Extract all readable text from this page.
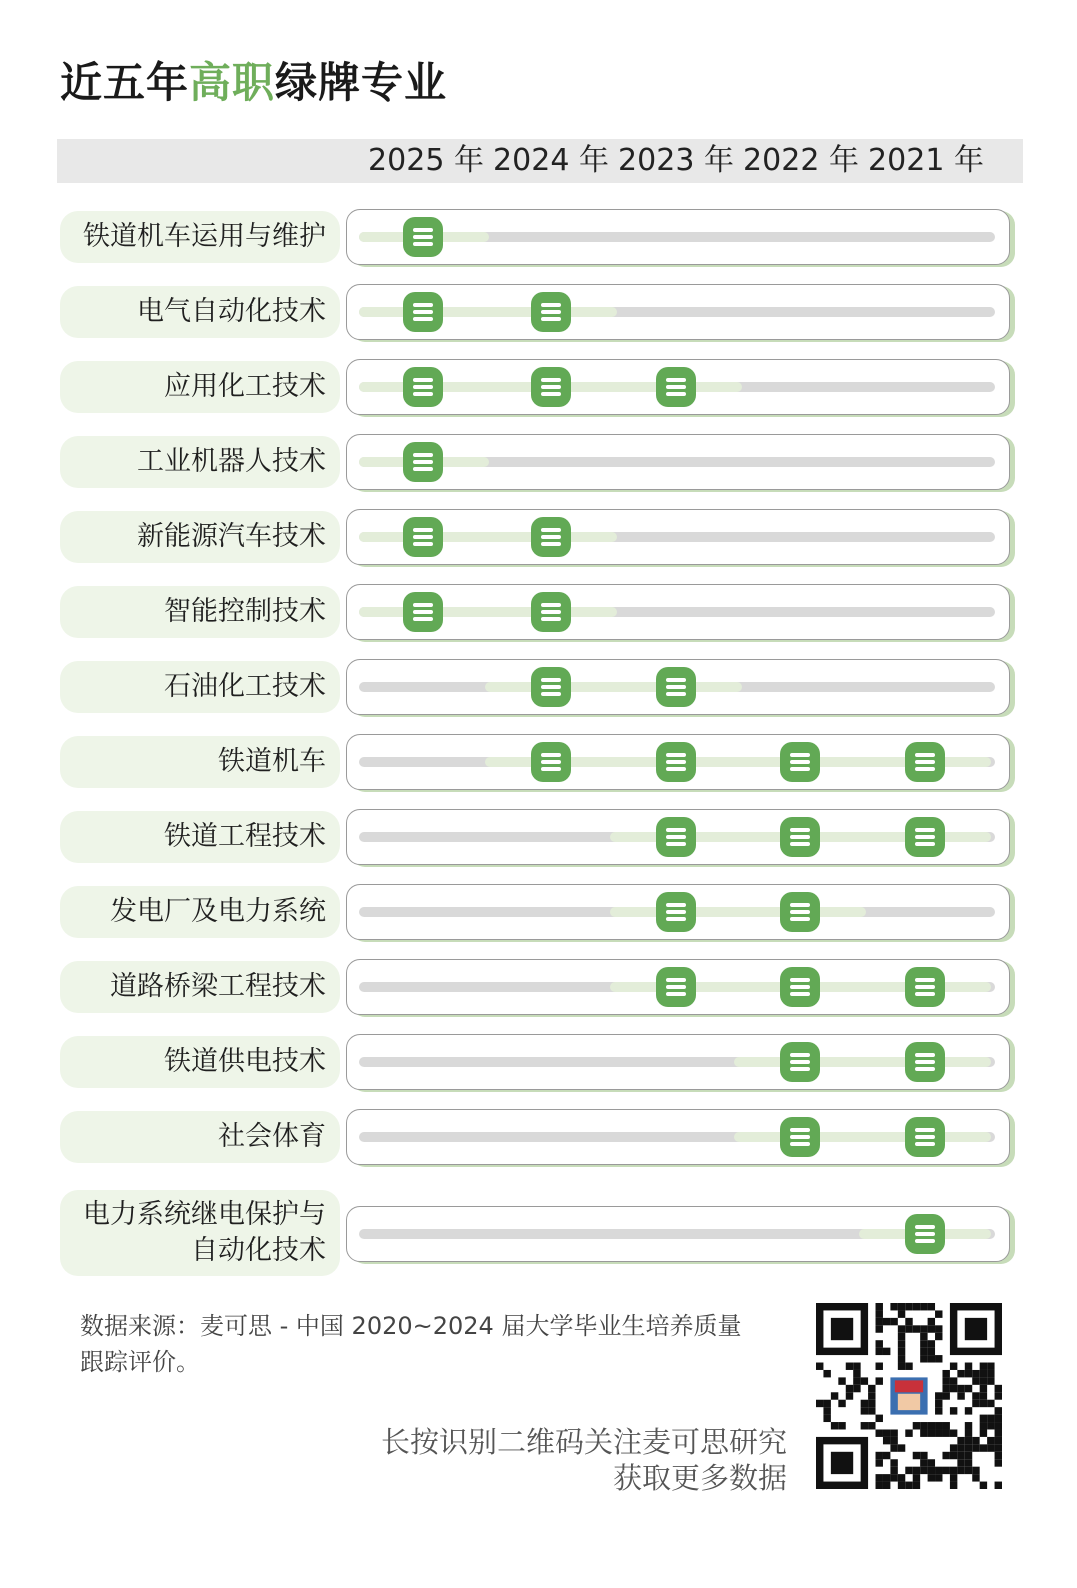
近五年高职绿牌专业
2025 年 2024 年 2023 年 2022 年 2021 年
铁道机车运用与维护
电气自动化技术
应用化工技术
工业机器人技术
新能源汽车技术
智能控制技术
石油化工技术
铁道机车
铁道工程技术
发电厂及电力系统
道路桥梁工程技术
铁道供电技术
社会体育
电力系统继电保护与
自动化技术

数据来源：麦可思 - 中国 2020~2024 届大学毕业生培养质量跟踪评价。

长按识别二维码关注麦可思研究
获取更多数据
